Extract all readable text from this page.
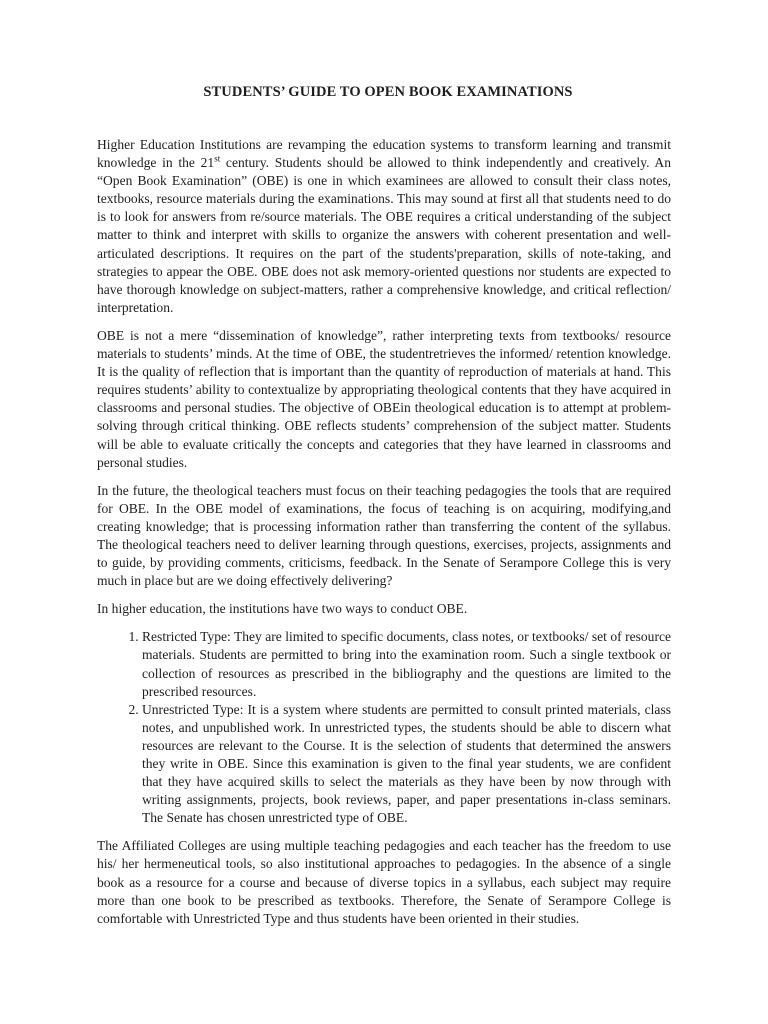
STUDENTS’ GUIDE TO OPEN BOOK EXAMINATIONS

Higher Education Institutions are revamping the education systems to transform learning and transmit knowledge in the 21st century. Students should be allowed to think independently and creatively. An “Open Book Examination” (OBE) is one in which examinees are allowed to consult their class notes, textbooks, resource materials during the examinations. This may sound at first all that students need to do is to look for answers from re/source materials. The OBE requires a critical understanding of the subject matter to think and interpret with skills to organize the answers with coherent presentation and well-articulated descriptions. It requires on the part of the students'preparation, skills of note-taking, and strategies to appear the OBE. OBE does not ask memory-oriented questions nor students are expected to have thorough knowledge on subject-matters, rather a comprehensive knowledge, and critical reflection/ interpretation.

OBE is not a mere “dissemination of knowledge”, rather interpreting texts from textbooks/ resource materials to students’ minds. At the time of OBE, the studentretrieves the informed/ retention knowledge. It is the quality of reflection that is important than the quantity of reproduction of materials at hand. This requires students’ ability to contextualize by appropriating theological contents that they have acquired in classrooms and personal studies. The objective of OBEin theological education is to attempt at problem-solving through critical thinking. OBE reflects students’ comprehension of the subject matter. Students will be able to evaluate critically the concepts and categories that they have learned in classrooms and personal studies.

In the future, the theological teachers must focus on their teaching pedagogies the tools that are required for OBE. In the OBE model of examinations, the focus of teaching is on acquiring, modifying,and creating knowledge; that is processing information rather than transferring the content of the syllabus. The theological teachers need to deliver learning through questions, exercises, projects, assignments and to guide, by providing comments, criticisms, feedback. In the Senate of Serampore College this is very much in place but are we doing effectively delivering?

In higher education, the institutions have two ways to conduct OBE.

1. Restricted Type: They are limited to specific documents, class notes, or textbooks/ set of resource materials. Students are permitted to bring into the examination room. Such a single textbook or collection of resources as prescribed in the bibliography and the questions are limited to the prescribed resources.
2. Unrestricted Type: It is a system where students are permitted to consult printed materials, class notes, and unpublished work. In unrestricted types, the students should be able to discern what resources are relevant to the Course. It is the selection of students that determined the answers they write in OBE. Since this examination is given to the final year students, we are confident that they have acquired skills to select the materials as they have been by now through with writing assignments, projects, book reviews, paper, and paper presentations in-class seminars. The Senate has chosen unrestricted type of OBE.

The Affiliated Colleges are using multiple teaching pedagogies and each teacher has the freedom to use his/ her hermeneutical tools, so also institutional approaches to pedagogies. In the absence of a single book as a resource for a course and because of diverse topics in a syllabus, each subject may require more than one book to be prescribed as textbooks. Therefore, the Senate of Serampore College is comfortable with Unrestricted Type and thus students have been oriented in their studies.
